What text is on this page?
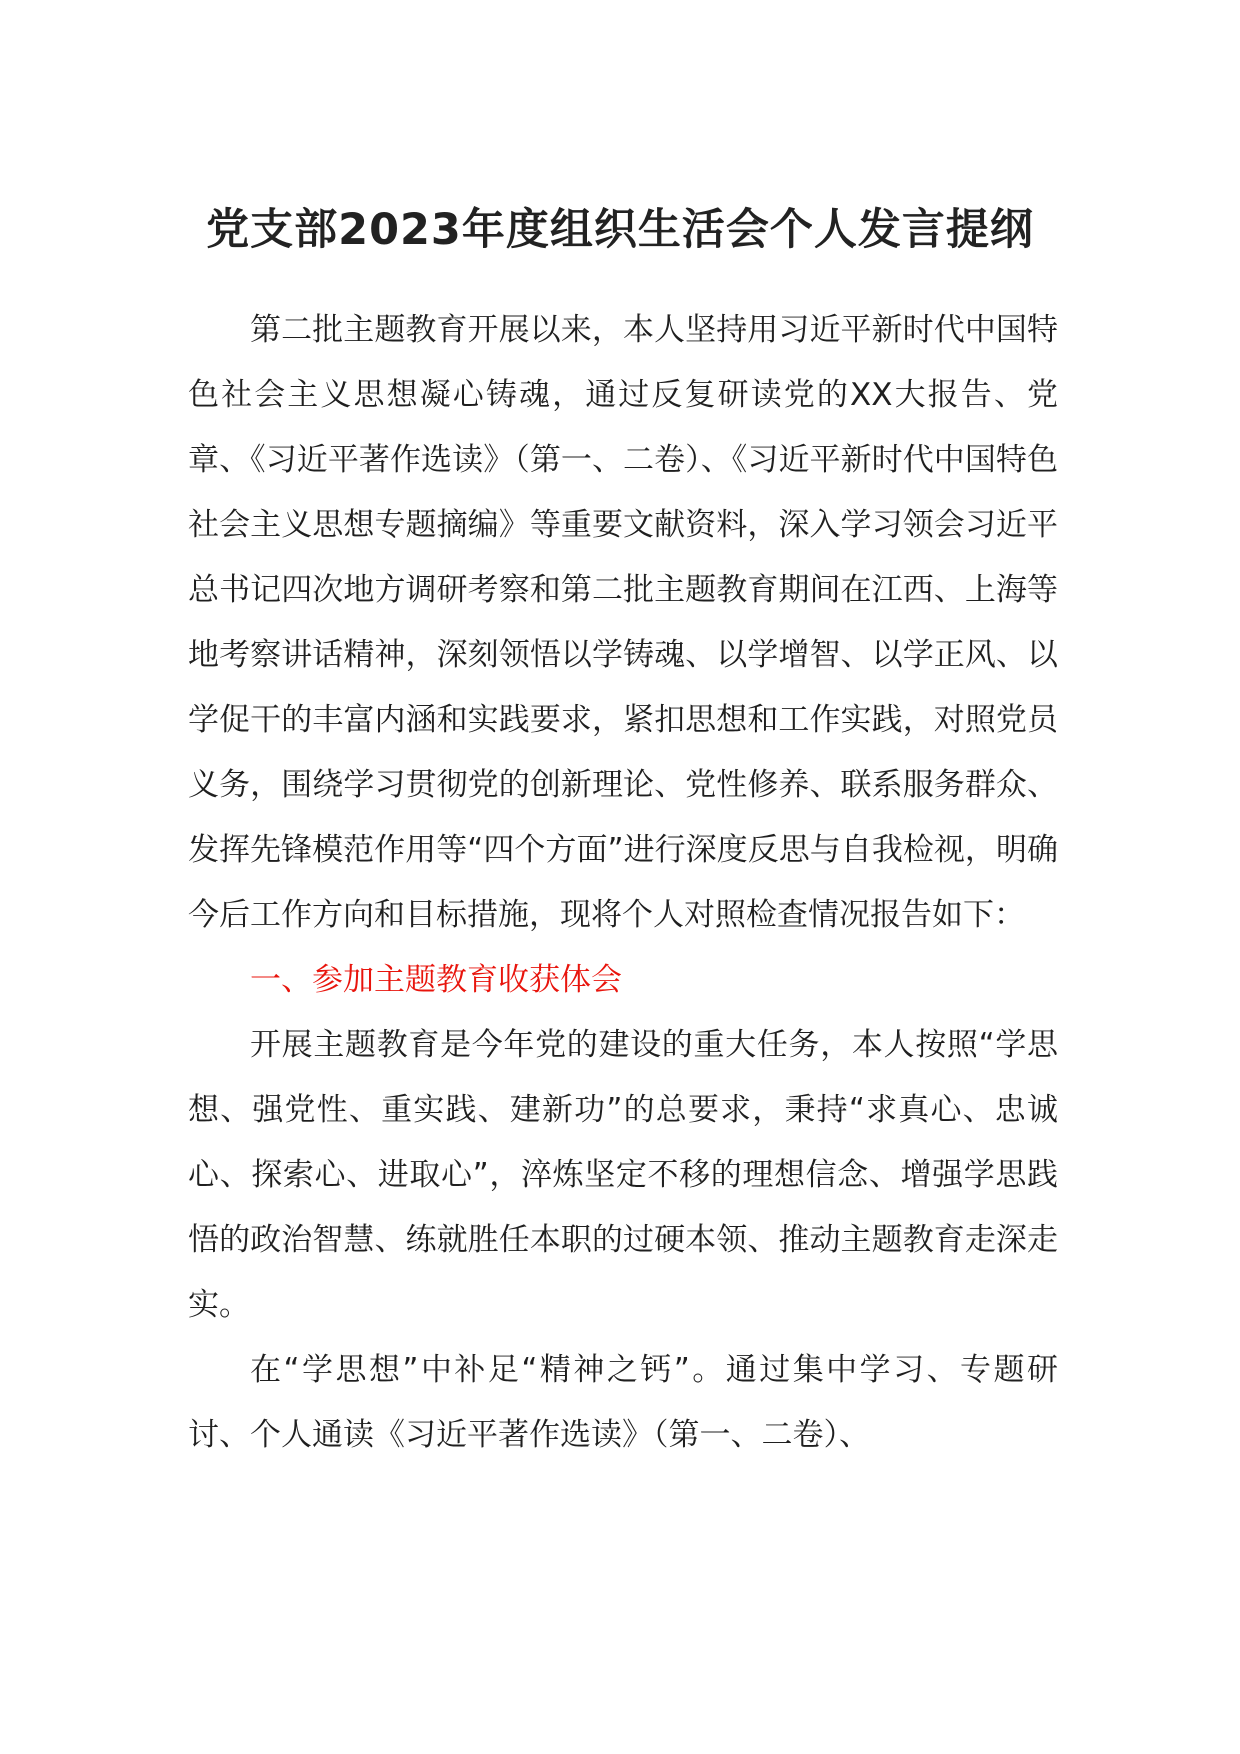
党支部2023年度组织生活会个人发言提纲

第二批主题教育开展以来，本人坚持用习近平新时代中国特色社会主义思想凝心铸魂，通过反复研读党的XX大报告、党章、《习近平著作选读》（第一、二卷）、《习近平新时代中国特色社会主义思想专题摘编》等重要文献资料，深入学习领会习近平总书记四次地方调研考察和第二批主题教育期间在江西、上海等地考察讲话精神，深刻领悟以学铸魂、以学增智、以学正风、以学促干的丰富内涵和实践要求，紧扣思想和工作实践，对照党员义务，围绕学习贯彻党的创新理论、党性修养、联系服务群众、发挥先锋模范作用等“四个方面”进行深度反思与自我检视，明确今后工作方向和目标措施，现将个人对照检查情况报告如下：

一、参加主题教育收获体会

开展主题教育是今年党的建设的重大任务，本人按照“学思想、强党性、重实践、建新功”的总要求，秉持“求真心、忠诚心、探索心、进取心”，淬炼坚定不移的理想信念、增强学思践悟的政治智慧、练就胜任本职的过硬本领、推动主题教育走深走实。

在“学思想”中补足“精神之钙”。通过集中学习、专题研讨、个人通读《习近平著作选读》（第一、二卷）、
